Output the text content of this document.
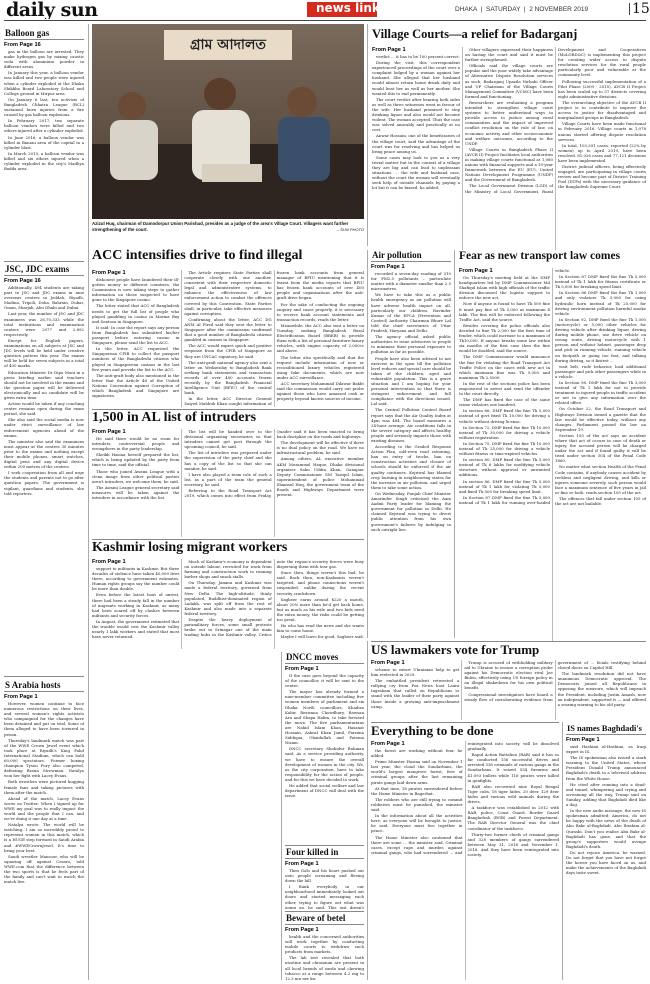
daily sun	news link	DHAKA  |  SATURDAY  |  2 NOVEMBER 2019	15
Balloon gas
From Page 16

gas in the balloon are arrested. They make hydrogen gas by mixing caustic soda with aluminium powder in different areas.

In January this year, a balloon vendor was killed and two people were injured when a cylinder exploded at the Dhaka Shikkha Board Laboratory School and College ground in Mirpur area.

On January 6 last, ten activists of Bangladesh Chhatra League (BCL) sustained burn injuries from a fire caused by gas balloon explosions.

In February 2017, two separate balloon vendors were killed and two others injured after a cylinder exploded.

In June 2016, a balloon vendor was killed in Banani area of the capital in a cylinder blast.

In March 2015, a balloon vendor was killed and six others injured when a cylinder exploded in the city's Madhya Badda area.

JSC, JDC exams
From Page 16

Additionally, 494 students are taking part in JSC and JDC exams in nine overseas centres in Jeddah, Riyadh, Madina, Tripoli, Doha, Bahrain, Dubai, Oman, Sharjah, Abu Dhabi and Dubai.

Last year, the number of JSC and JDC examinees was 26,70,333 while the total institutions and examination centres were 2977 and 2,892 respectively.

Except for English papers, examinations on all subjects at JSC and JDC levels will be held under creative question pattern this year. The exams will be held for seven subjects in a total of 400 marks.

Education Minister Dr Dipu Moni in a press briefing earlier said teachers should not be involved in the exams and the question paper will be delivered electronically and no candidate will be given extra time.

Action would be taken if any coaching centre remains open during the exam period, she said.

She also said the social media is now under strict surveillance of law enforcement agencies ahead of the exams.

The minister also said the examinees must appear at the centres 30 minutes prior to the exams and nothing except their mobile phones, smart watches, digital pens and any digital device within 200 metres of the centres.

I seek cooperation from all and urge the students and parents not to go after question papers. The government is vigilant, guardians and students, she told reporters.

S Arabia hosts
From Page 1

However, women continue to face numerous restrictions on their lives, and several women's rights activists who campaigned for the changes have been detained and put on trial. Some of them alleged to have been tortured in prison.

Thursday's landmark match was part of the WWE Crown Jewel event which took place at Riyadh's King Fahd International Stadium, which can hold 60,000 spectators. Former boxing champion Tyson Fury also competed, defeating Braun Strowman. Natalya won her fight with Lacey Evans.

Both wrestlers were pictured hugging female fans and taking pictures with them after the match.

Ahead of the match, Lacey Evans wrote on Twitter: When I signed up for WWE my goal was to really impact the world and the people that I can, and we're doing it one day at a time.

Natalya wrote: The world will be watching. I am so incredibly proud to represent women in this match, which is a HUGE step forward in Saudi Arabia and #WWECrownJewel. It's time to bring your best.

Saudi wrestler Mansoor, who will be squaring off against Cesaro, told WWE.com that the difference between the two sports is that he feels part of the family and can't wait to watch the match live.

গ্রাম আদালত
Azizul Huq, chairman of Damodorpur Union Parishad, presides as a judge of the area's Village Court. Villagers want further strengthening of the court.	– SUN PHOTO
ACC intensifies drive to find illegal
From Page 1

dishonest people have laundered their ill-gotten money to different countries, the Commission is now taking steps to gather information on those suspected to have gone to the Singapore casino.

The letter stated that ACC of Bangladesh needs to get the full list of people who played gambling in casino in Marina Bay and Sentosa in Singapore.

It said: In case the report says any person from Bangladesh has submitted his/her passport before entering casino in Singapore, please send the list to ACC.

In the letter, ACC requested the Singaporean CPIB to collect the passport numbers of the Bangladeshi citizens who played in Singaporean casinos in the last five years and provide the list to the ACC.

The anti-graft body also mentioned in the letter that the Article 48 of the United Nations Convention against Corruption of which Bangladesh and Singapore are signatories.

The Article requires State Parties shall cooperate closely with one another, consistent with their respective domestic legal and administrative systems, to enhance the effectiveness of law enforcement action to combat the offences covered by this Convention. State Parties shall, in particular, take effective measures against corruption.

Confirming about the letter, ACC DG ANM Al Fired said they sent the letter to Singapore after the commission confirmed that a good number of Bangladeshi citizens gambled in casinos in Singapore.

The ACC would expect quick and positive response from the CPIB of Singapore as they are UNCAC signatory, he said.

The anti-graft national agency also sent a letter on Wednesday to Bangladesh Bank seeking bank statements and transaction records of over 400 accounts frozen recently by the Bangladesh Financial Intelligence Unit (BFIU) of the central bank.

In the letter, ACC Director General Saiyed Mahbub Khan sought information of frozen bank accounts from general manager of BFIU mentioning that it is learnt from the media reports that BFIU has frozen bank accounts of over 400 people and organisations after the anti-graft drive began.

For the sake of conducting the ongoing enquiry and cases properly, it is necessary to receive bank account statements and transaction records, reads the letter.

Meanwhile, the ACC also sent a letter on Tuesday, seeking Bangladesh Rural Electrification Board (BREB) to provide them with a list of personal furniture-luxury vehicles, with engine capacity of 2,000cc and above.

The letter also specifically said that the request include information of new or reconditioned luxury vehicles registered using fake documents, which are now under ACC surveillance.

ACC secretary Mohammad Dilawar Bakht said the commission would carry out probe against those who have amassed cash or property beyond known sources of income.

Air pollution
From Page 1

recorded a seven-day reading of 310 for PM2.5 pollutants – particulate matter with a diameter smaller than 2.5 micrometres.

We have to take this as a public health emergency as air pollution will have adverse health impact on all, particularly our children, Ravinder Kumar of the EPCA (Prevention and Control) Authority Chairman Bhure Lal told the chief secretaries of Uttar Pradesh, Haryana and Delhi.

The agency official asked public authorities to issue advisories to people to minimise their personal exposure to pollution as far as possible.

People have also been advised to not exercise in the open till the pollution level reduces and special care should be taken of the children, aged and vulnerable population. This is a grave situation and I am hoping for your personal intervention so that there is stringent enforcement and full compliance with the directions issued, Lal said.

The Central Pollution Control Board report says that the Air Quality Index at 4pm was 484. The board measures a 24-hour average. Air conditions falls in the severe category and affects healthy people and seriously impacts those with existing diseases.

According to the Graded Response Action Plan, odd-even road rationing, ban on entry of trucks, ban on construction activities and closure of schools should be enforced if the air quality continues. Kejriwal has blamed crop burning in neighbouring states for the increase in air pollution, and urged them to take some action.

On Wednesday, Punjab Chief Minister Amarinder Singh criticised the Aam Aadmi Party leader for blaming the government for pollution in Delhi. He claimed Kejriwal was trying to divert public attention from his own government's failures by indulging in such outright lies.

Village Courts—a relief for Badarganj
From Page 1

verdict ... it has to be 100 percent correct.

During the visit, this correspondent experienced proceedings of the court over a complaint lodged by a woman against her husband. She alleged that her husband would almost return home drunk daily and would beat her as well as her mother. She wanted this to end permanently.

The court verdict after hearing both sides as well as three witnesses went in favour of the wife. Her husband promised to stop drinking liquor and also would not become violent. The woman accepted. Thus the case was solved amicably and practically at no cost.

Anwar Hossain, one of the beneficiaries of the village court, said the advantage of the court was for resolving and has helped us bring peace among us.

Some cases may look to you as a very trivial matter but in the context of a village they are big and can lead to unpleasant situations. ... the wife and husband case, without the court the woman will eventually seek help of outside channels by paying a lot but it can be biased, he added.

Other villagers expressed their happiness on having the court and said it must be further strengthened.

Officials said the village courts are popular and the poor widely take advantage of Alternative Dispute Resolution services as such, Badarganj Upazila Nirbahi Officer and UP Chairman of the Village Courts Management Committee (VCMC) have been formed and functioning.

Researchers are evaluating a program intended to strengthen village court systems to better understand ways to provide access to justice among rural communities and the impact of improved conflict resolution on the rule of law, on economic activity and other socioeconomic and welfare outcomes, according to the UNDP.

Village Courts in Bangladesh Phase II (AVCB II) Project facilitates local authorities in making village courts functional at 1,080 unions with financial supports and a 10-year framework between the EU (EU), United Nations Development Programme (UNDP) and the Government of Bangladesh.

The Local Government Division (LGD) of the Ministry of Local Government, Rural Development and Cooperatives (MoLGRD&C) is implementing this project for creating wider access to dispute resolution services for the rural people particularly poor and vulnerable at the community level.

Following successful implementation of a Pilot Phase (2009 - 2015), AVCB II Project has been scaled up to 57 districts covering eight administrative divisions.

The overarching objective of the AVCB II project is to contribute to improve the access to justice for disadvantaged and marginalised groups in Bangladesh.

Village Courts have been made functional in February 2016. Village courts in 1,078 unions started offering dispute resolution services.

In total, 103,391 cases, reported (22% by women) up to April 2019, have been resolved. 81,026 cases and 77,121 decisions have been implemented.

District judicial officers, being effectively engaged, are participating in village courts review and become part of District Training Pool (DTPs) with the necessary guidance of the Bangladesh Supreme Court.

Fear as new transport law comes
From Page 1

On Thursday's meeting held at the DMP headquarters led by DMP Commissioner Md Shafiqul Islam with high officials of the traffic division discussed the logistic support to enforce the new act.

Now if anyone is found to have Tk 500 fine it must pay fine of Tk 5,000 as maximum 4 lakh. The fine will be enforced following the Traffic Act, said the source.

Besides covering the police officials also decided to fine Tk 2,000 for the first time of fender, which could increase to a maximum of Tk10,000. If anyone breaks some law within six months of the first case then the fine would be doubled, said the source.

The DMP Commissioner would announce the fine for violating the Road Transport Act Traffic Police on the cases with new act in which minimum fine was Tk 5,000 and maximum Tk 2,5000.

In the rest of the sections police has been empowered to arrest and send the offender to the court directly.

The DMP has fixed the case of the same crime violators one hundred.

In section 66, DMP fixed the fine Tk 5,000 instead of govt fixed Tk 10,000 for driving a vehicle without driving license.

In Section 72, DMP fixed the fine Tk 10,000 instead of Tk 30,000 for driving a vehicle without registration.

In Section 75, DMP fixed the fine Tk 10,000 instead of Tk 25,000 for driving a vehicle without fitness or time-expired vehicles.

In section 80, DMP fixed the fine Tk 5,000 instead of Tk 6 lakhs for modifying vehicle structure without approval or unwanted additions.

In section 86, DMP fixed the fine Tk 5,000 instead of Tk 1 lakh for violating Tk 5,000 and fixed Tk 500 for breaking speed limit.

In Section 87 DMP fixed the fine Tk 5,000 instead of Tk 1 lakh for running over-loaded vehicle.

In Section 87 DMP fixed the fine Tk 5,000 instead of Tk 1 lakh for fitness certificate or Tk 5,000 for breaking speed limit.

In Section 86 DMP fixed the fine Tk 1,000 and only violators Tk 5,000 for using hydraulic horn instead of Tk 25,000 for driving environment pollution harmful smoke vehicle.

In Section 92, DMP fixed the fine Tk 1,000 (motorcycle) or 5,000 other vehicles for driving vehicle after drinking liquor, driving during mobile phone, use drive vehicle on wrong route, driving motorcycle with 1 person and without helmet, passenger drop and pick in running vehicle, running vehicle on footpath or going too fast, and talking during driving, so it fastest ...

wait belt, rude behavior, load additional passenger and pick other passengers while in a vehicle.

In Section 98, DMP fixed the fine Tk 3,000 instead of Tk 1 lakh for not to provide treatment to injured people in traffic accident or not to give any information over the related office.

On October 22, the Road Transport and Highways Division issued a gazette that the law would be effective today, without any changes. Parliament passed the law on September 19.

Section 105 of the act says an accident where that act of occurs in case of death or injury, the accused person will be charged under the act and if found guilty it will be tried under section 304 of the Penal Code 1860.

No matter what section Health of the Penal Code contains, if anybody causes accident by reckless and negligent driving, and kills or injures someone severely, such person would face a maximum sentence of five years in jail or fine or both, reads section 105 of the act.

The offences that fall under section 105 of the act are not bailable.

1,500 in AL list of intruders
From Page 1

He said there would be no room for intruders, controversial people and wrongdoers in the party leadership.

Sheikh Hasina herself prepared the list, which is being updated by the party from time to time, said the official.

Those who joined Awami League with a clean image from other political parties aren't intruders, we welcome them, he said.

The Awami League general secretary said measures will be taken against the intruders in accordance with the list.

The list will be handed over to the divisional organising secretaries so that intruders cannot get post through the upcoming council, he said.

The list of intruders was prepared under the supervision of the party chief and she has a copy of the list so that she can monitor, he said.

I have also played a team role of such a list, as a part of the team the general secretary, he said.

Referring to the Road Transport Act 2019, which comes into effect from Friday, Quader said it has been enacted to bring back discipline on the roads and highways.

The development will be effective if there is no dual policy on the road. We have no infrastructural problem, he said.

Among others, AL executive member AKM Mozammel Haque, Dhaka divisional organiser Saku Uddin Khan, Ganajaar Deputy Commissioner SM Tariqul Islam, superintendent of police Mohammad Shamsul Huq, the government team of the Roads and Highways Department were present.

Kashmir losing migrant workers
From Page 1

support to militants in Kashmir. But three decades of violence have taken 40,000 lives there, according to government estimates. Human rights groups say the number could be more than double.

Even before the latest bout of unrest, there had been a steady fall in the number of migrants working in Kashmir, as many had been scared off by clashes between militants and security forces.

In August, the government estimated that the trouble would cost the Kashmir valley nearly 1 lakh workers and stated that most have never returned.

Much of Kashmir's economy is dependent on outside labour, recruited for work from farming and construction work to running barber shops and snack stalls.

On Thursday, Jammu and Kashmir was made a federal territory, governed from New Delhi. The high-altitude, thinly populated, Buddhist-dominated region of Ladakh, was split off from the rest of Kashmir and also made into a separate federal territory.

Despite the heavy deployment of paramilitary forces, some small protests broke out in Srinagar one of the main trading hubs in the Kashmir valley. Critics note the region's security forces were busy dispersing them with tear gas.

Since then, things weren't this bad, he said. Back then, non-Kashmiris weren't targeted, and phone connections weren't suspended, unlike during the recent security crackdown.

Sagheer earns around $220 a month, about 20% more than he'd get back home, but as much as his wife and two kids need the extra money, the risks could be getting too great.

He who has read the news and she wants him to come home.

Maybe I will leave for good, Sagheer said.

DNCC moves
From Page 1

If the case goes beyond the capacity of the councillor, it will be sent to the centre.

The mayor has already formed a nine-member committee including five women members of parliament and six Dhaka North councillors, Khadiza Kabir, Rezwana Chowdhury, Rawsan Ara and Shapa Halim, to take forward the move. The five parliamentarians are Nahid Islam Khan, Hasanat Hossain, Ashraf Khan Jamil, Farzana Siddiqua, Obaidullah and Fatema Nizam.

DNCC secretary Shahidur Rahman said, As a service providing authority, we have to ensure the overall development of women in the city. We, as the city corporation, have to take responsibility for the action of people, and for this we have decided to work.

He added that social welfare and law department of DNCC will deal with the issue.

Four killed in
From Page 1

Then Golo and his heart pushed out onto people screaming and fleeing down the hill.

I think everybody in our neighbourhood immediately looked out doors and started messaging each other, trying to figure out what was going on, he said. This just doesn't

Beware of betel
From Page 1

health and the concerned authorities will work together by conducting mobile courts to withdraw such products from markets.

The lab test revealed that both nicotine and chromium are present in all local brands of zarda and chewing tobacco at a range between 4.2 mg to 12.3 mg per kg.

US lawmakers vote for Trump
From Page 1

scheme to extort Ukrainian help to get him reelected in 2020.

The embattled president retweeted a rallying cry from Fox News host Laura Ingraham that called on Republicans to stand with the leader of their party against those inside a growing anti-impeachment camp.

Trump is accused of withholding military aid to Ukraine to ensure a corruption probe against his Democratic election rival Joe Biden, effectively using US foreign policy in an illegal shakedown for his own political benefit.

Congressional investigators have heard a steady flow of corroborating evidence from government of ... ficials testifying behind closed doors on Capitol Hill.

The landmark resolution did not have unanimous Democratic approval. The Democrats joined all Republicans in opposing the measure, which will impeach the President, including Justin Amash, now an independent, supported it — and offered a searing warning to his old party.

Everything to be done
From Page 1

the forest are working without fear, he added.

Prime Minister Hasina said on November 1 last year, the cloud the Sundarbans, the world's largest mangrove forest, free of criminal groups after the last remaining pirate gangs laid down arms.

At that time, 18 pirates surrendered before the Home Minister in Bagerhat.

The robbers who are still trying to commit robberies must be punished, the minister said.

In the information about all the activities here, as everyone will be brought to justice, he said. Everyone must live together in peace.

The Home Minister also cautioned that there are some ... the minister said. Criminal cases, except rape and murder, against criminal gangs, who had surrendered ... and reintegrated into society, will be dissolved gradually.

Rapid Action Battalion (RAB) said it has so far conducted 156 successful drives and arrested 536 criminals of various gangs in the Sundarbans. It seized 554 firearms and 41,093 bullets while 116 pirates were killed in gunfights.

RAB also recovered nine Royal Bengal Tiger cubs, 18 tiger hides, 20 deer, 129 deer hides and various wild animals during the drives.

A taskforce was established in 2012 with RAB, police, Coast Guard, Border Guard Bangladesh (BGB) and Forest Department. The RAB Director General was the chief coordinator of the taskforce.

Thirty-two former chiefs of criminal gangs and 328 members of gangs surrendered between May 31, 2016 and November 1, 2018. And they have been reintegrated into society.

IS names Baghdadi's
From Page 1

said Hashimi al-Hashimi, as Iraqi expert in IS.

The IS spokesman also issued a stark warning to the United States, whose President Donald Trump announced Baghdadi's death in a televised address from the White House.

He cited after running into a dead-end tunnel, whimpering and crying and screaming all the way, Trump said on Sunday, adding that Baghdadi died like a dog.

In the new audio message, the new IS spokesman admitted: America, do not be happy with the news of the death of Abu Bakr al-Baghdadi, Abu Ibrahim al-Qurashi. Don't you realise Abu Bakr al-Baghdadi has gone, and that the group's supporters would avenge Baghdadi's death.

Do not rejoice America, he warned. Do not forget that you have not forgot the horror you have faced on us, and make the achievements of the Baghdadi days taste sweet.
